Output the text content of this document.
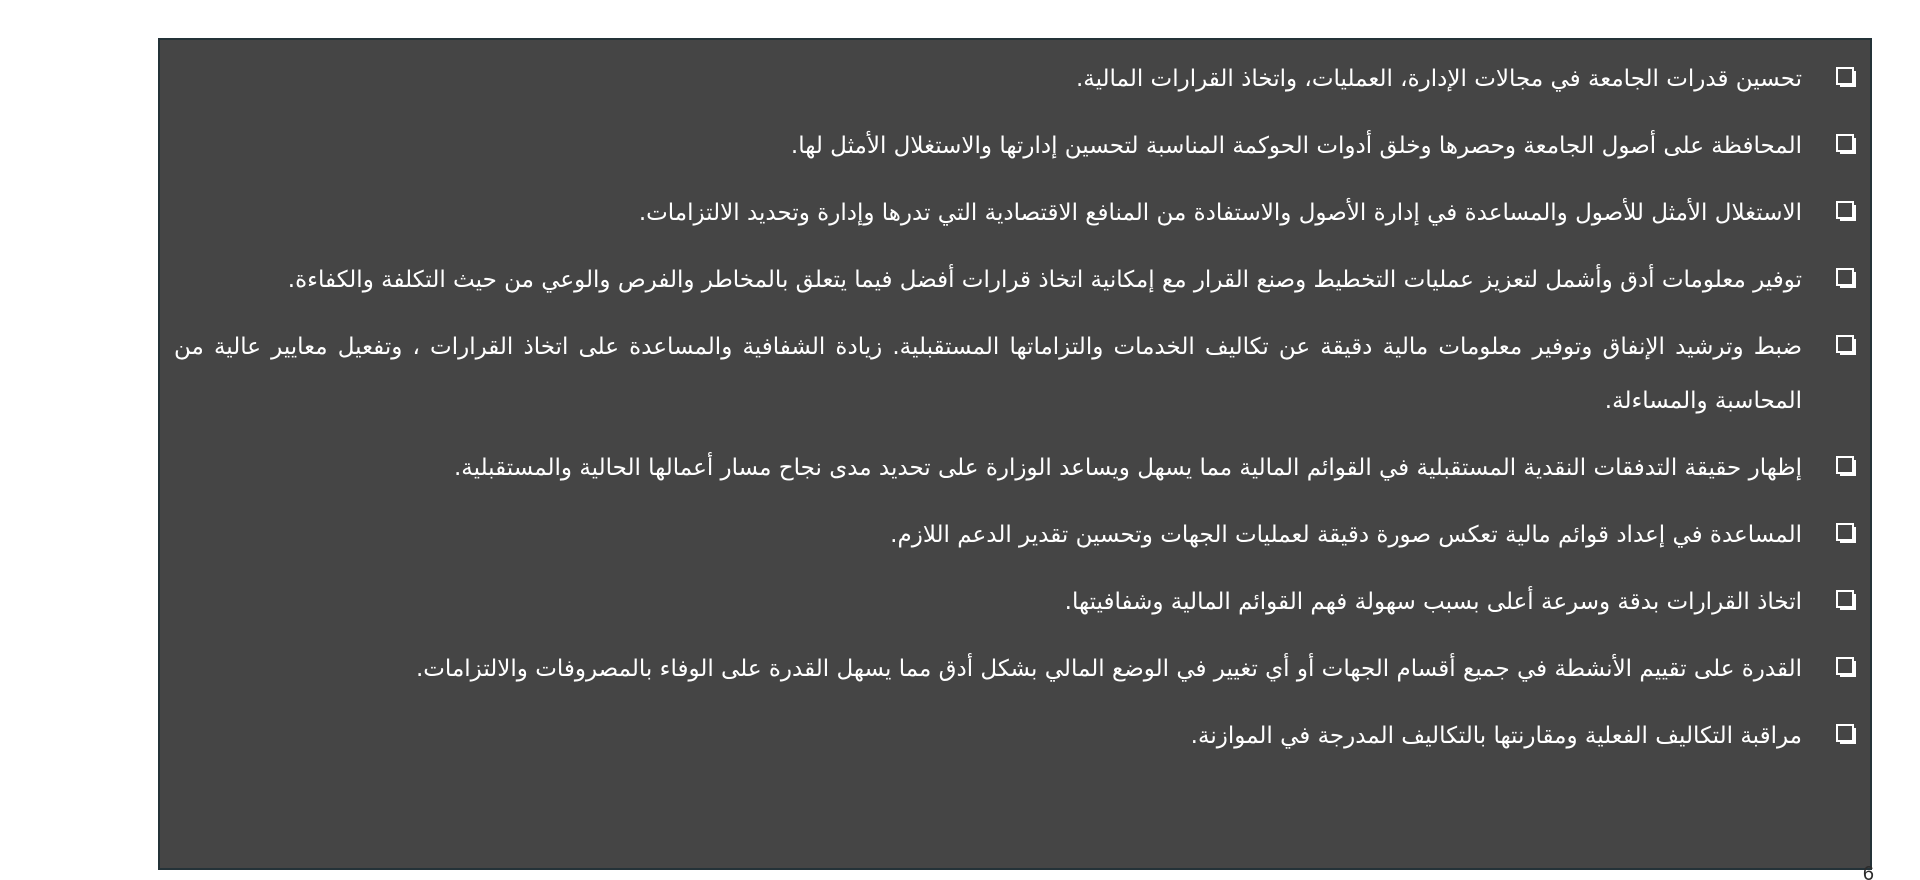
تحسين قدرات الجامعة في مجالات الإدارة، العمليات، واتخاذ القرارات المالية.
المحافظة على أصول الجامعة وحصرها وخلق أدوات الحوكمة المناسبة لتحسين إدارتها والاستغلال الأمثل لها.
الاستغلال الأمثل للأصول والمساعدة في إدارة الأصول والاستفادة من المنافع الاقتصادية التي تدرها وإدارة وتحديد الالتزامات.
توفير معلومات أدق وأشمل لتعزيز عمليات التخطيط وصنع القرار مع إمكانية اتخاذ قرارات أفضل فيما يتعلق بالمخاطر والفرص والوعي من حيث التكلفة والكفاءة.
ضبط وترشيد الإنفاق وتوفير معلومات مالية دقيقة عن تكاليف الخدمات والتزاماتها المستقبلية. زيادة الشفافية والمساعدة على اتخاذ القرارات ، وتفعيل معايير عالية من المحاسبة والمساءلة.
إظهار حقيقة التدفقات النقدية المستقبلية في القوائم المالية مما يسهل ويساعد الوزارة على تحديد مدى نجاح مسار أعمالها الحالية والمستقبلية.
المساعدة في إعداد قوائم مالية تعكس صورة دقيقة لعمليات الجهات وتحسين تقدير الدعم اللازم.
اتخاذ القرارات بدقة وسرعة أعلى بسبب سهولة فهم القوائم المالية وشفافيتها.
القدرة على تقييم الأنشطة في جميع أقسام الجهات أو أي تغيير في الوضع المالي بشكل أدق مما يسهل القدرة على الوفاء بالمصروفات والالتزامات.
مراقبة التكاليف الفعلية ومقارنتها بالتكاليف المدرجة في الموازنة.
6
